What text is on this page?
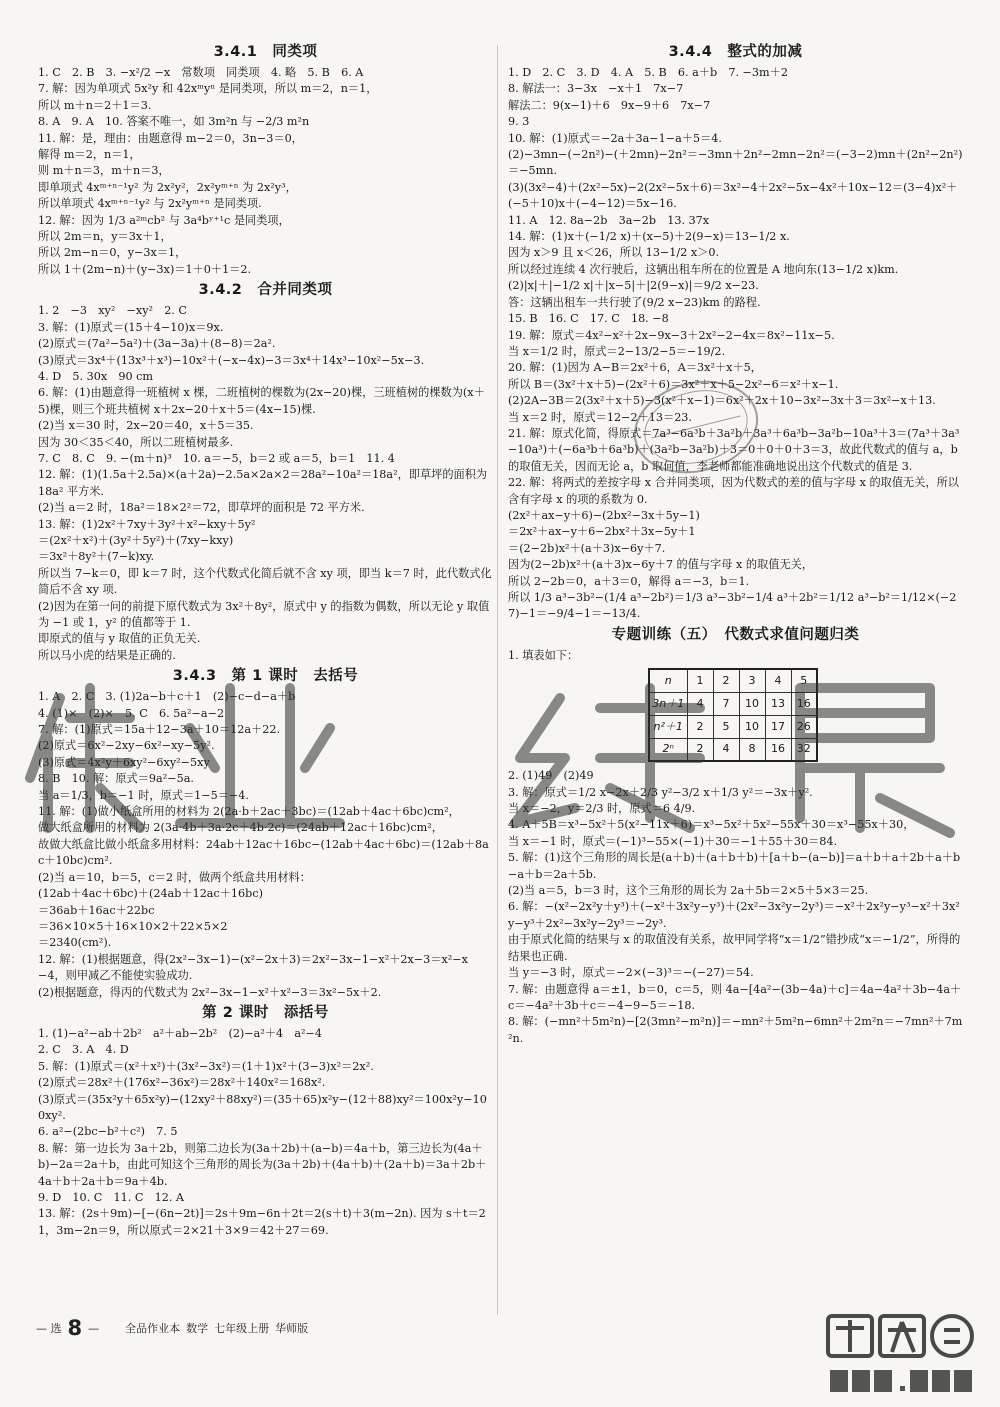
3.4.1　同类项
1. C　2. B　3. −x²/2 −x　常数项　同类项　4. 略　5. B　6. A
7. 解：因为单项式 5x²y 和 42xᵐyⁿ 是同类项，所以 m＝2，n＝1，
所以 m＋n＝2＋1＝3.
8. A　9. A　10. 答案不唯一，如 3m²n 与 −2/3 m²n
11. 解：是，理由：由题意得 m−2＝0，3n−3＝0，
解得 m＝2，n＝1，
则 m＋n＝3，m＋n＝3，
即单项式 4xᵐ⁺ⁿ⁻¹y² 为 2x²y²，2x²yᵐ⁺ⁿ 为 2x²y³，
所以单项式 4xᵐ⁺ⁿ⁻¹y² 与 2x²yᵐ⁺ⁿ 是同类项.
12. 解：因为 1/3 a²ᵐcb² 与 3a⁴bʸ⁺¹c 是同类项，
所以 2m＝n，y＝3x＋1，
所以 2m−n＝0，y−3x＝1，
所以 1＋(2m−n)＋(y−3x)＝1＋0＋1＝2.
3.4.2　合并同类项
1. 2　−3　xy²　−xy²　2. C
3. 解：(1)原式＝(15＋4−10)x＝9x.
(2)原式＝(7a²−5a²)＋(3a−3a)＋(8−8)＝2a².
(3)原式＝3x⁴＋(13x³＋x³)−10x²＋(−x−4x)−3＝3x⁴＋14x³−10x²−5x−3.
4. D　5. 30x　90 cm
6. 解：(1)由题意得一班植树 x 棵，二班植树的棵数为(2x−20)棵，三班植树的棵数为(x＋5)棵，则三个班共植树 x＋2x−20＋x＋5＝(4x−15)棵.
(2)当 x＝30 时，2x−20＝40，x＋5＝35.
因为 30＜35＜40，所以二班植树最多.
7. C　8. C　9. −(m＋n)³　10. a＝−5，b＝2 或 a＝5，b＝1　11. 4
12. 解：(1)(1.5a＋2.5a)×(a＋2a)−2.5a×2a×2＝28a²−10a²＝18a²，即草坪的面积为 18a² 平方米.
(2)当 a＝2 时，18a²＝18×2²＝72，即草坪的面积是 72 平方米.
13. 解：(1)2x²＋7xy＋3y²＋x²−kxy＋5y²
＝(2x²＋x²)＋(3y²＋5y²)＋(7xy−kxy)
＝3x²＋8y²＋(7−k)xy.
所以当 7−k＝0，即 k＝7 时，这个代数式化简后就不含 xy 项，即当 k＝7 时，此代数式化简后不含 xy 项.
(2)因为在第一问的前提下原代数式为 3x²＋8y²，原式中 y 的指数为偶数，所以无论 y 取值为 −1 或 1，y² 的值都等于 1.
即原式的值与 y 取值的正负无关.
所以马小虎的结果是正确的.
3.4.3　第 1 课时　去括号
1. A　2. C　3. (1)2a−b＋c＋1　(2)−c−d−a＋b
4. (1)×　(2)×　5. C　6. 5a²−a−2
7. 解：(1)原式＝15a＋12−3a＋10＝12a＋22.
(2)原式＝6x²−2xy−6x²−xy−5y².
(3)原式＝4x²y＋6xy²−6xy²−5xy
8. B　10. 解：原式＝9a²−5a.
当 a＝1/3，b＝−1 时，原式＝1−5＝−4.
11. 解：(1)做小纸盒所用的材料为 2(2a·b＋2ac＋3bc)＝(12ab＋4ac＋6bc)cm²，
做大纸盒所用的材料为 2(3a·4b＋3a·2c＋4b·2c)＝(24ab＋12ac＋16bc)cm²，
故做大纸盒比做小纸盒多用材料：24ab＋12ac＋16bc−(12ab＋4ac＋6bc)＝(12ab＋8ac＋10bc)cm².
(2)当 a＝10，b＝5，c＝2 时，做两个纸盒共用材料：
(12ab＋4ac＋6bc)＋(24ab＋12ac＋16bc)
＝36ab＋16ac＋22bc
＝36×10×5＋16×10×2＋22×5×2
＝2340(cm²).
12. 解：(1)根据题意，得(2x²−3x−1)−(x²−2x＋3)＝2x²−3x−1−x²＋2x−3＝x²−x−4，则甲减乙不能使实验成功.
(2)根据题意，得丙的代数式为 2x²−3x−1−x²＋x²−3＝3x²−5x＋2.
第 2 课时　添括号
1. (1)−a²−ab＋2b²　a²＋ab−2b²　(2)−a²＋4　a²−4
2. C　3. A　4. D
5. 解：(1)原式＝(x²＋x²)＋(3x²−3x²)＝(1＋1)x²＋(3−3)x²＝2x².
(2)原式＝28x²＋(176x²−36x²)＝28x²＋140x²＝168x².
(3)原式＝(35x²y＋65x²y)−(12xy²＋88xy²)＝(35＋65)x²y−(12＋88)xy²＝100x²y−100xy².
6. a²−(2bc−b²＋c²)　7. 5
8. 解：第一边长为 3a＋2b，则第二边长为(3a＋2b)＋(a−b)＝4a＋b，第三边长为(4a＋b)−2a＝2a＋b，由此可知这个三角形的周长为(3a＋2b)＋(4a＋b)＋(2a＋b)＝3a＋2b＋4a＋b＋2a＋b＝9a＋4b.
9. D　10. C　11. C　12. A
13. 解：(2s＋9m)−[−(6n−2t)]＝2s＋9m−6n＋2t＝2(s＋t)＋3(m−2n). 因为 s＋t＝21，3m−2n＝9，所以原式＝2×21＋3×9＝42＋27＝69.
3.4.4　整式的加减
1. D　2. C　3. D　4. A　5. B　6. a＋b　7. −3m＋2
8. 解法一：3−3x　−x＋1　7x−7
解法二：9(x−1)＋6　9x−9＋6　7x−7
9. 3
10. 解：(1)原式＝−2a＋3a−1−a＋5＝4.
(2)−3mn−(−2n²)−(＋2mn)−2n²＝−3mn＋2n²−2mn−2n²＝(−3−2)mn＋(2n²−2n²)＝−5mn.
(3)(3x²−4)＋(2x²−5x)−2(2x²−5x＋6)＝3x²−4＋2x²−5x−4x²＋10x−12＝(3−4)x²＋(−5＋10)x＋(−4−12)＝5x−16.
11. A　12. 8a−2b　3a−2b　13. 37x
14. 解：(1)x＋(−1/2 x)＋(x−5)＋2(9−x)＝13−1/2 x.
因为 x＞9 且 x＜26，所以 13−1/2 x＞0.
所以经过连续 4 次行驶后，这辆出租车所在的位置是 A 地向东(13−1/2 x)km.
(2)|x|＋|−1/2 x|＋|x−5|＋|2(9−x)|＝9/2 x−23.
答：这辆出租车一共行驶了(9/2 x−23)km 的路程.
15. B　16. C　17. C　18. −8
19. 解：原式＝4x²−x²＋2x−9x−3＋2x²−2−4x＝8x²−11x−5.
当 x＝1/2 时，原式＝2−13/2−5＝−19/2.
20. 解：(1)因为 A−B＝2x²＋6，A＝3x²＋x＋5，
所以 B＝(3x²＋x＋5)−(2x²＋6)＝3x²＋x＋5−2x²−6＝x²＋x−1.
(2)2A−3B＝2(3x²＋x＋5)−3(x²＋x−1)＝6x²＋2x＋10−3x²−3x＋3＝3x²−x＋13.
当 x＝2 时，原式＝12−2＋13＝23.
21. 解：原式化简，得原式＝7a³−6a³b＋3a²b＋3a³＋6a³b−3a²b−10a³＋3＝(7a³＋3a³−10a³)＋(−6a³b＋6a³b)＋(3a²b−3a²b)＋3＝0＋0＋0＋3＝3，故此代数式的值与 a，b 的取值无关，因而无论 a，b 取何值，李老师都能准确地说出这个代数式的值是 3.
22. 解：将两式的差按字母 x 合并同类项，因为代数式的差的值与字母 x 的取值无关，所以含有字母 x 的项的系数为 0.
(2x²＋ax−y＋6)−(2bx²−3x＋5y−1)
＝2x²＋ax−y＋6−2bx²＋3x−5y＋1
＝(2−2b)x²＋(a＋3)x−6y＋7.
因为(2−2b)x²＋(a＋3)x−6y＋7 的值与字母 x 的取值无关，
所以 2−2b＝0，a＋3＝0，解得 a＝−3，b＝1.
所以 1/3 a³−3b²−(1/4 a³−2b²)＝1/3 a³−3b²−1/4 a³＋2b²＝1/12 a³−b²＝1/12×(−27)−1＝−9/4−1＝−13/4.
专题训练（五）　代数式求值问题归类
1. 填表如下：
n	1	2	3	4	5
3n＋1	4	7	10	13	16
n²＋1	2	5	10	17	26
2ⁿ	2	4	8	16	32
2. (1)49　(2)49
3. 解：原式＝1/2 x−2x＋2/3 y²−3/2 x＋1/3 y²＝−3x＋y².
当 x＝−2，y＝2/3 时，原式＝6 4/9.
4. A＋5B＝x³−5x²＋5(x²−11x＋6)＝x³−5x²＋5x²−55x＋30＝x³−55x＋30，
当 x＝−1 时，原式＝(−1)³−55×(−1)＋30＝−1＋55＋30＝84.
5. 解：(1)这个三角形的周长是(a＋b)＋(a＋b＋b)＋[a＋b−(a−b)]＝a＋b＋a＋2b＋a＋b−a＋b＝2a＋5b.
(2)当 a＝5，b＝3 时，这个三角形的周长为 2a＋5b＝2×5＋5×3＝25.
6. 解：−(x²−2x²y＋y³)＋(−x²＋3x²y−y³)＋(2x²−3x²y−2y³)＝−x²＋2x²y−y³−x²＋3x²y−y³＋2x²−3x²y−2y³＝−2y³.
由于原式化简的结果与 x 的取值没有关系，故甲同学将“x＝1/2”错抄成“x＝−1/2”，所得的结果也正确.
当 y＝−3 时，原式＝−2×(−3)³＝−(−27)＝54.
7. 解：由题意得 a＝±1，b＝0，c＝5，则 4a−[4a²−(3b−4a)＋c]＝4a−4a²＋3b−4a＋c＝−4a²＋3b＋c＝−4−9−5＝−18.
8. 解：(−mn²＋5m²n)−[2(3mn²−m²n)]＝−mn²＋5m²n−6mn²＋2m²n＝−7mn²＋7m²n.
— 选 8 — 全品作业本 数学 七年级上册 华师版
